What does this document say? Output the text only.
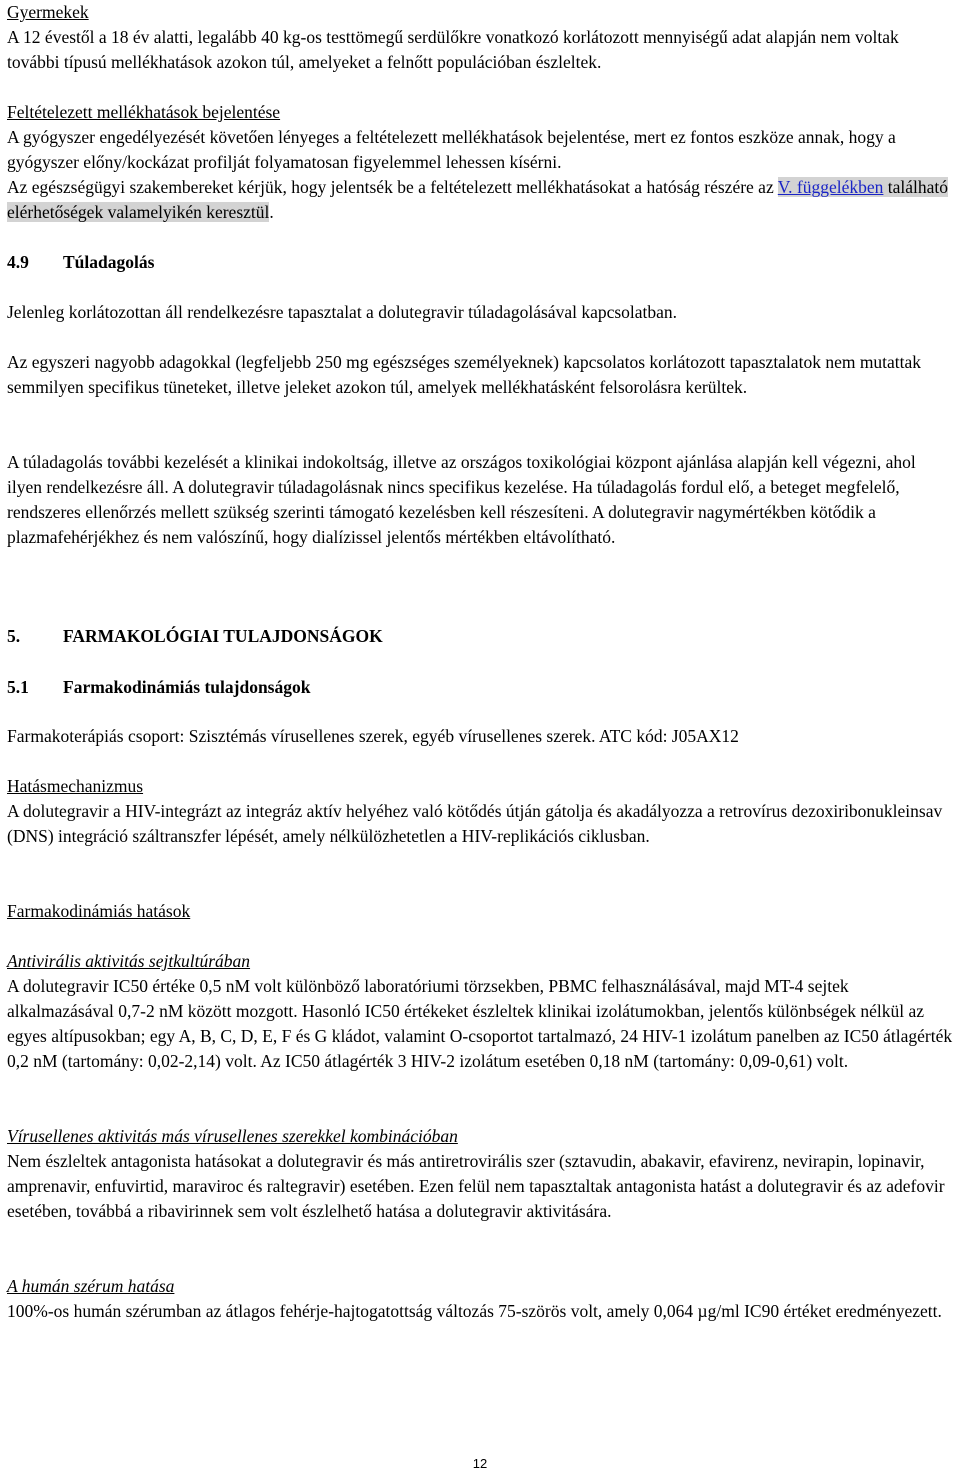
Gyermekek

A 12 évestől a 18 év alatti, legalább 40 kg-os testtömegű serdülőkre vonatkozó korlátozott mennyiségű adat alapján nem voltak további típusú mellékhatások azokon túl, amelyeket a felnőtt populációban észleltek.

Feltételezett mellékhatások bejelentése

A gyógyszer engedélyezését követően lényeges a feltételezett mellékhatások bejelentése, mert ez fontos eszköze annak, hogy a gyógyszer előny/kockázat profilját folyamatosan figyelemmel lehessen kísérni.

Az egészségügyi szakembereket kérjük, hogy jelentsék be a feltételezett mellékhatásokat a hatóság részére az V. függelékben található elérhetőségek valamelyikén keresztül.

4.9 Túladagolás

Jelenleg korlátozottan áll rendelkezésre tapasztalat a dolutegravir túladagolásával kapcsolatban.

Az egyszeri nagyobb adagokkal (legfeljebb 250 mg egészséges személyeknek) kapcsolatos korlátozott tapasztalatok nem mutattak semmilyen specifikus tüneteket, illetve jeleket azokon túl, amelyek mellékhatásként felsorolásra kerültek.

A túladagolás további kezelését a klinikai indokoltság, illetve az országos toxikológiai központ ajánlása alapján kell végezni, ahol ilyen rendelkezésre áll. A dolutegravir túladagolásnak nincs specifikus kezelése. Ha túladagolás fordul elő, a beteget megfelelő, rendszeres ellenőrzés mellett szükség szerinti támogató kezelésben kell részesíteni. A dolutegravir nagymértékben kötődik a plazmafehérjékhez és nem valószínű, hogy dialízissel jelentős mértékben eltávolítható.

5. FARMAKOLÓGIAI TULAJDONSÁGOK
5.1 Farmakodinámiás tulajdonságok

Farmakoterápiás csoport: Szisztémás vírusellenes szerek, egyéb vírusellenes szerek. ATC kód: J05AX12

Hatásmechanizmus

A dolutegravir a HIV-integrázt az integráz aktív helyéhez való kötődés útján gátolja és akadályozza a retrovírus dezoxiribonukleinsav (DNS) integráció száltranszfer lépését, amely nélkülözhetetlen a HIV-replikációs ciklusban.

Farmakodinámiás hatások

Antivirális aktivitás sejtkultúrában

A dolutegravir IC50 értéke 0,5 nM volt különböző laboratóriumi törzsekben, PBMC felhasználásával, majd MT-4 sejtek alkalmazásával 0,7-2 nM között mozgott. Hasonló IC50 értékeket észleltek klinikai izolátumokban, jelentős különbségek nélkül az egyes altípusokban; egy A, B, C, D, E, F és G kládot, valamint O-csoportot tartalmazó, 24 HIV-1 izolátum panelben az IC50 átlagérték 0,2 nM (tartomány: 0,02-2,14) volt. Az IC50 átlagérték 3 HIV-2 izolátum esetében 0,18 nM (tartomány: 0,09-0,61) volt.

Vírusellenes aktivitás más vírusellenes szerekkel kombinációban

Nem észleltek antagonista hatásokat a dolutegravir és más antiretrovirális szer (sztavudin, abakavir, efavirenz, nevirapin, lopinavir, amprenavir, enfuvirtid, maraviroc és raltegravir) esetében. Ezen felül nem tapasztaltak antagonista hatást a dolutegravir és az adefovir esetében, továbbá a ribavirinnek sem volt észlelhető hatása a dolutegravir aktivitására.

A humán szérum hatása

100%-os humán szérumban az átlagos fehérje-hajtogatottság változás 75-szörös volt, amely 0,064 µg/ml IC90 értéket eredményezett.

12
